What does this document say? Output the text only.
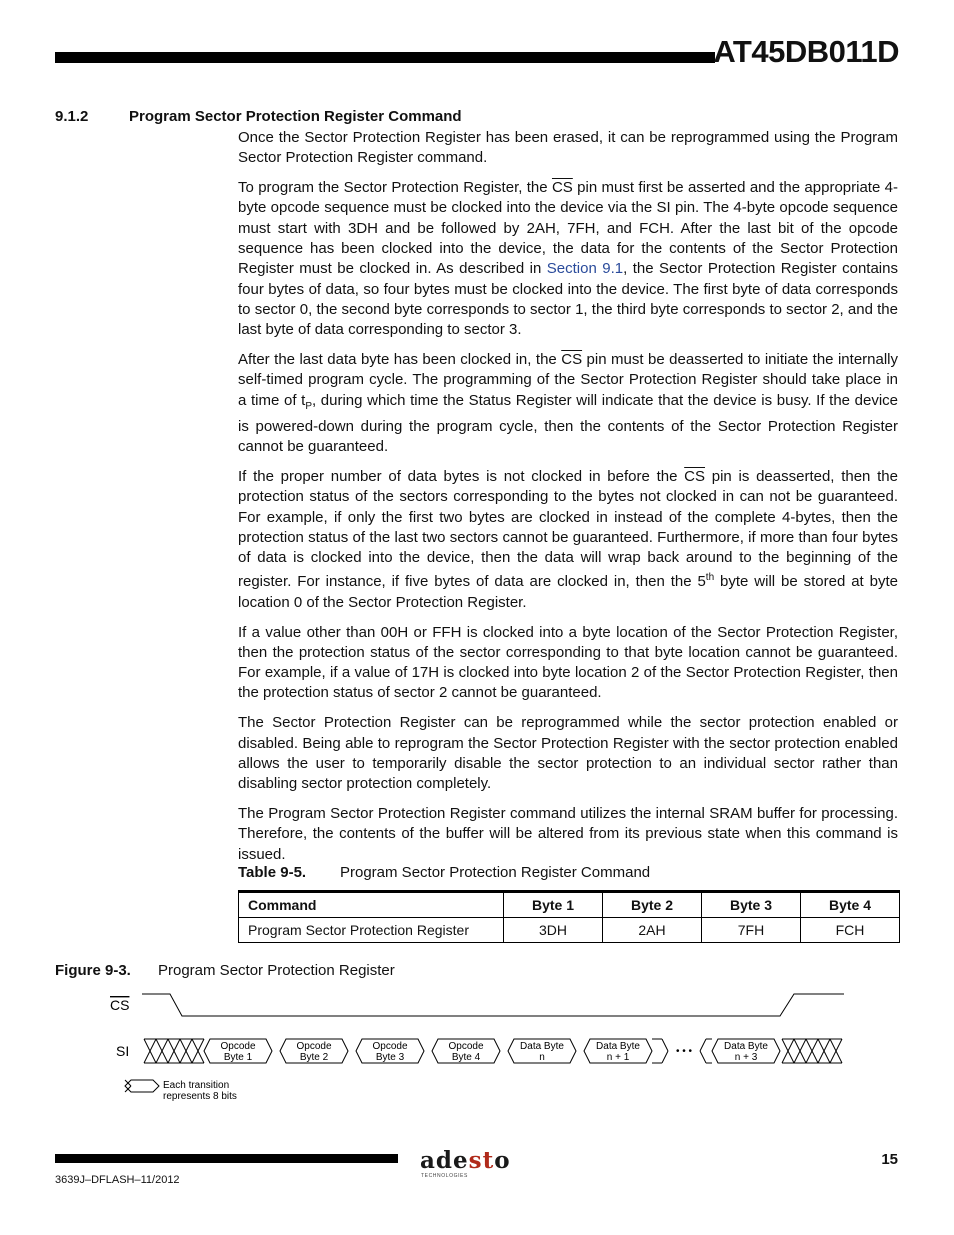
AT45DB011D
9.1.2	Program Sector Protection Register Command

Once the Sector Protection Register has been erased, it can be reprogrammed using the Program Sector Protection Register command.

To program the Sector Protection Register, the $\overline{CS}$ pin must first be asserted and the appropriate 4-byte opcode sequence must be clocked into the device via the SI pin. The 4-byte opcode sequence must start with 3DH and be followed by 2AH, 7FH, and FCH. After the last bit of the opcode sequence has been clocked into the device, the data for the contents of the Sector Protection Register must be clocked in. As described in Section 9.1, the Sector Protection Register contains four bytes of data, so four bytes must be clocked into the device. The first byte of data corresponds to sector 0, the second byte corresponds to sector 1, the third byte corresponds to sector 2, and the last byte of data corresponding to sector 3.

After the last data byte has been clocked in, the $\overline{CS}$ pin must be deasserted to initiate the internally self-timed program cycle. The programming of the Sector Protection Register should take place in a time of $t_P$, during which time the Status Register will indicate that the device is busy. If the device is powered-down during the program cycle, then the contents of the Sector Protection Register cannot be guaranteed.

If the proper number of data bytes is not clocked in before the $\overline{CS}$ pin is deasserted, then the protection status of the sectors corresponding to the bytes not clocked in can not be guaranteed. For example, if only the first two bytes are clocked in instead of the complete 4-bytes, then the protection status of the last two sectors cannot be guaranteed. Furthermore, if more than four bytes of data is clocked into the device, then the data will wrap back around to the beginning of the register. For instance, if five bytes of data are clocked in, then the 5th byte will be stored at byte location 0 of the Sector Protection Register.

If a value other than 00H or FFH is clocked into a byte location of the Sector Protection Register, then the protection status of the sector corresponding to that byte location cannot be guaranteed. For example, if a value of 17H is clocked into byte location 2 of the Sector Protection Register, then the protection status of sector 2 cannot be guaranteed.

The Sector Protection Register can be reprogrammed while the sector protection enabled or disabled. Being able to reprogram the Sector Protection Register with the sector protection enabled allows the user to temporarily disable the sector protection to an individual sector rather than disabling sector protection completely.

The Program Sector Protection Register command utilizes the internal SRAM buffer for processing. Therefore, the contents of the buffer will be altered from its previous state when this command is issued.

Table 9-5. Program Sector Protection Register Command
Command	Byte 1	Byte 2	Byte 3	Byte 4
Program Sector Protection Register	3DH	2AH	7FH	FCH
Figure 9-3. Program Sector Protection Register
CS
SI	Opcode
Byte 1
Opcode
Byte 2
Opcode
Byte 3
Opcode
Byte 4
Data Byte
n
Data Byte
n + 1
Data Byte
n + 3
• • •
Each transition
represents 8 bits
adesto
TECHNOLOGIES
15
3639J–DFLASH–11/2012
